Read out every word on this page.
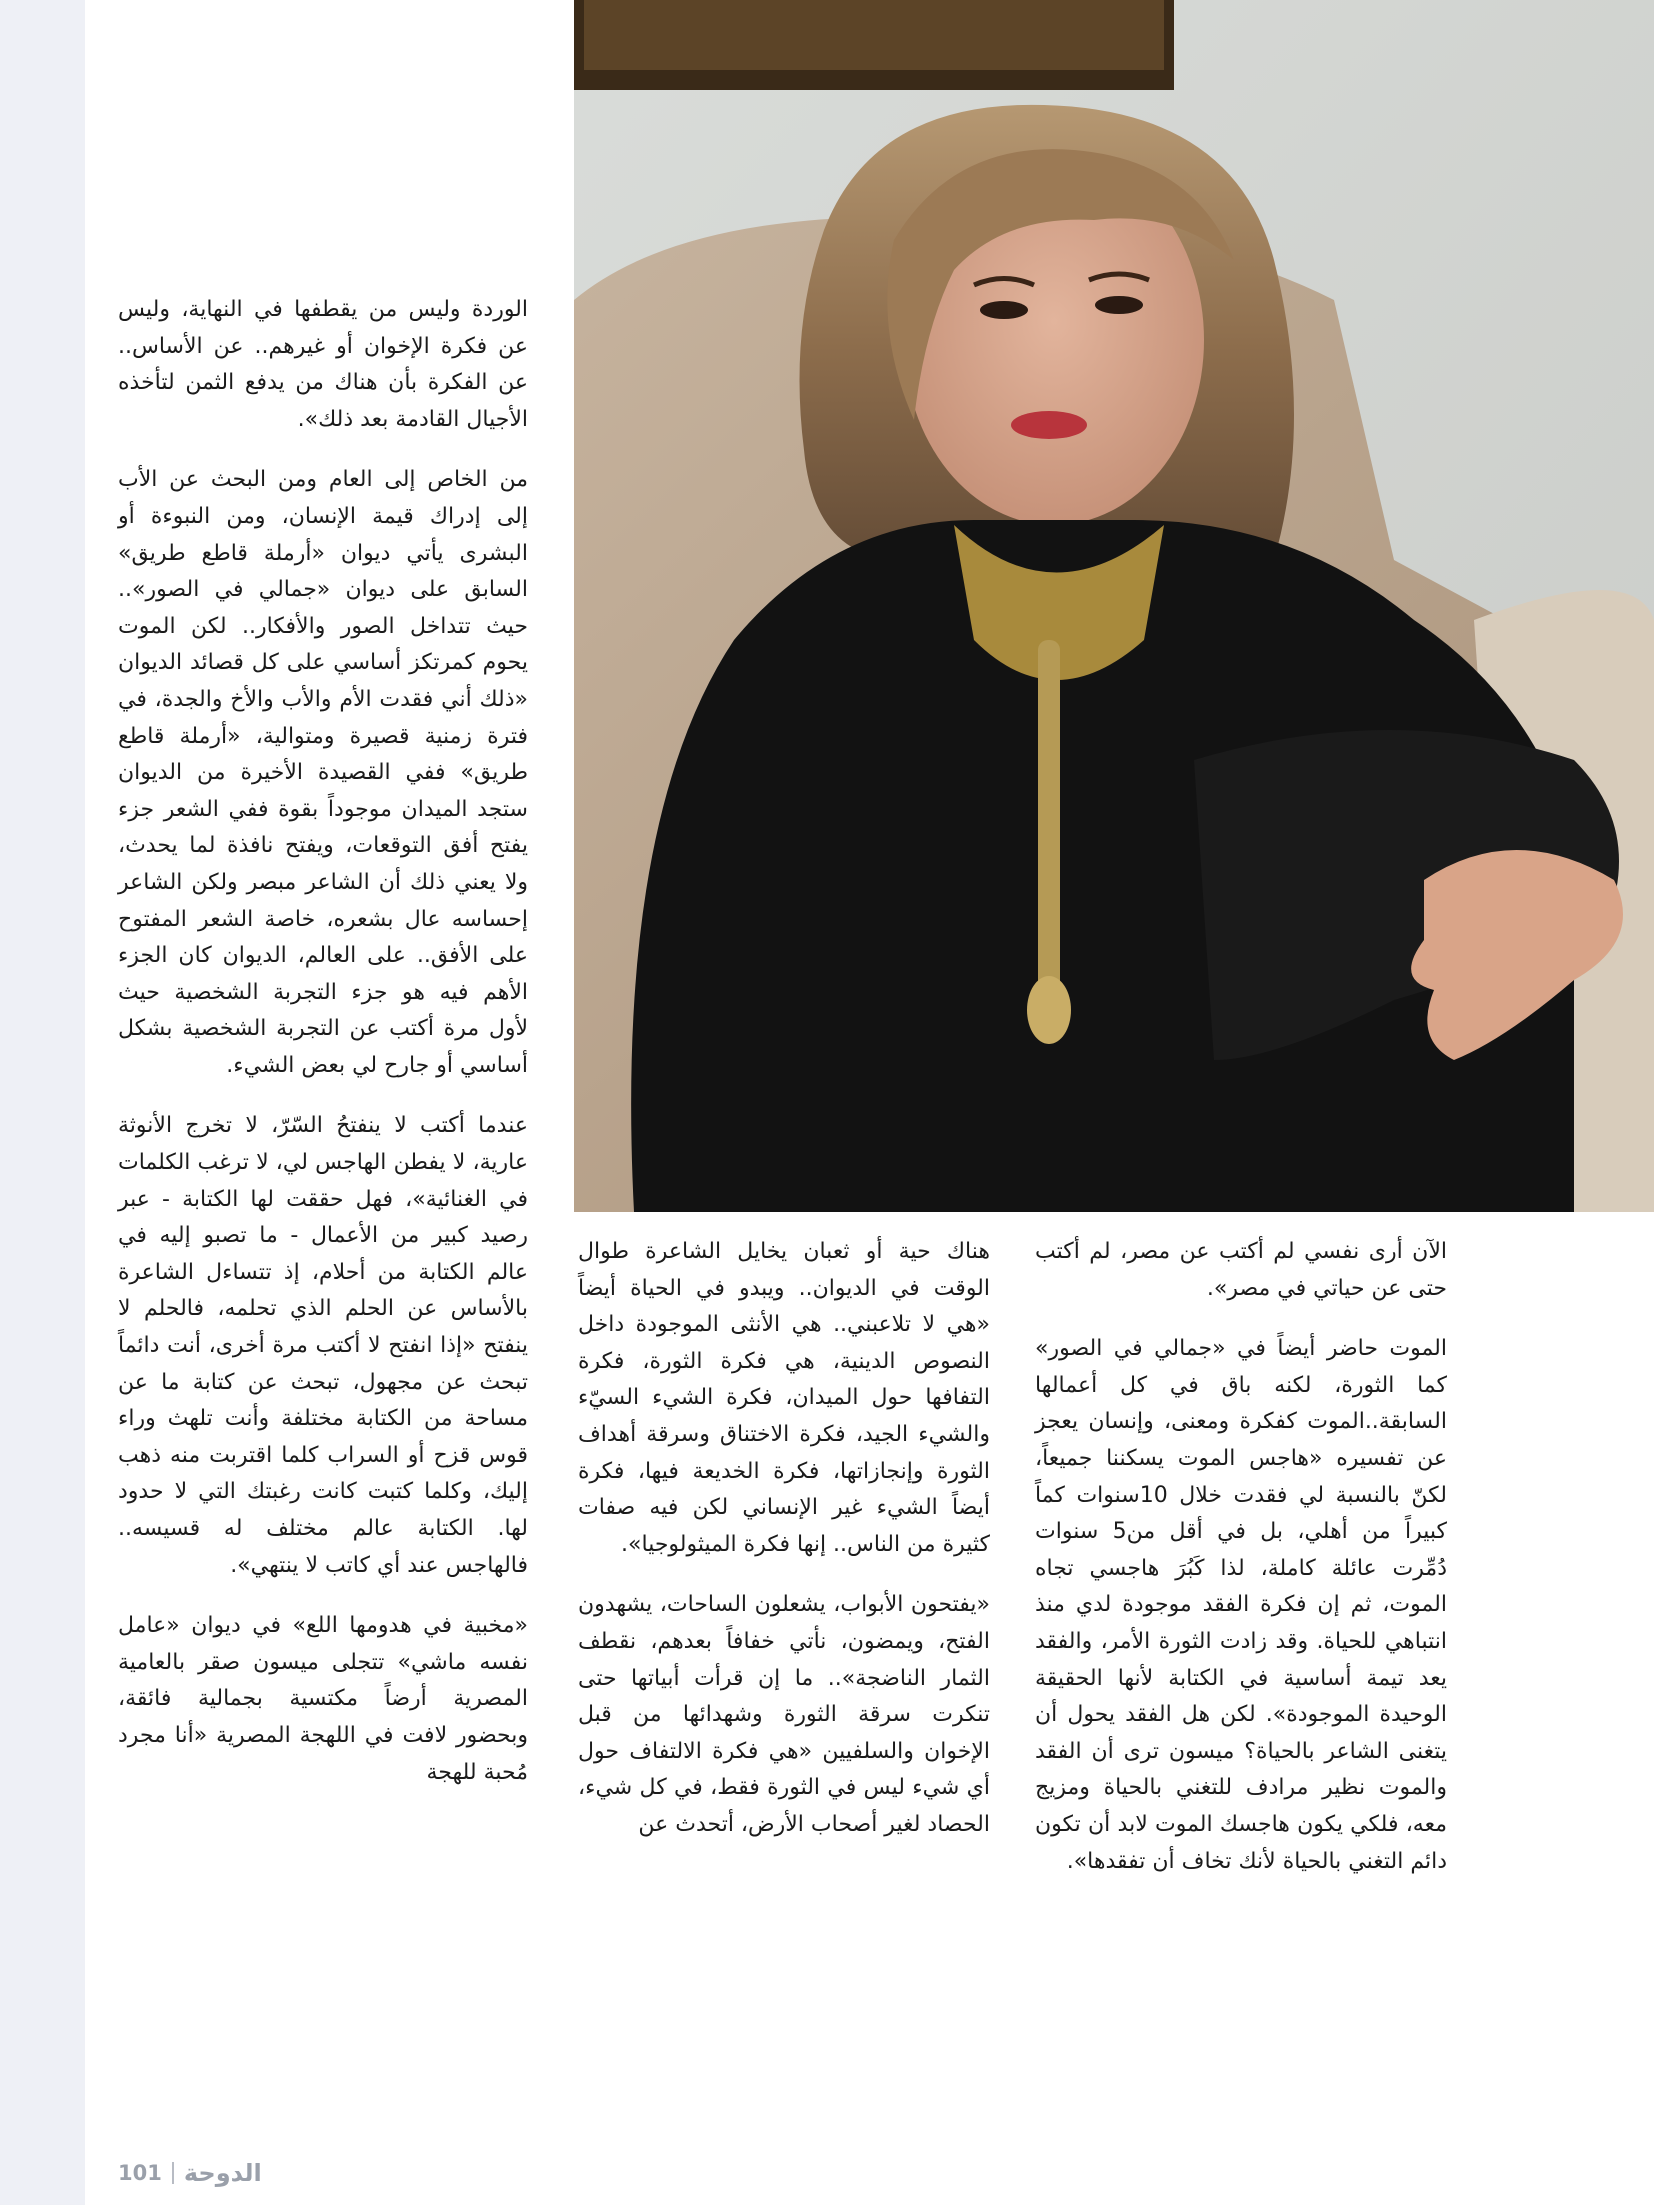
الوردة وليس من يقطفها في النهاية، وليس عن فكرة الإخوان أو غيرهم.. عن الأساس.. عن الفكرة بأن هناك من يدفع الثمن لتأخذه الأجيال القادمة بعد ذلك».

من الخاص إلى العام ومن البحث عن الأب إلى إدراك قيمة الإنسان، ومن النبوءة أو البشرى يأتي ديوان «أرملة قاطع طريق» السابق على ديوان «جمالي في الصور».. حيث تتداخل الصور والأفكار.. لكن الموت يحوم كمرتكز أساسي على كل قصائد الديوان «ذلك أني فقدت الأم والأب والأخ والجدة، في فترة زمنية قصيرة ومتوالية، «أرملة قاطع طريق» ففي القصيدة الأخيرة من الديوان ستجد الميدان موجوداً بقوة ففي الشعر جزء يفتح أفق التوقعات، ويفتح نافذة لما يحدث، ولا يعني ذلك أن الشاعر مبصر ولكن الشاعر إحساسه عال بشعره، خاصة الشعر المفتوح على الأفق.. على العالم، الديوان كان الجزء الأهم فيه هو جزء التجربة الشخصية حيث لأول مرة أكتب عن التجربة الشخصية بشكل أساسي أو جارح لي بعض الشيء.

عندما أكتب لا ينفتحُ السّرّ، لا تخرج الأنوثة عارية، لا يفطن الهاجس لي، لا ترغب الكلمات في الغنائية»، فهل حققت لها الكتابة - عبر رصيد كبير من الأعمال - ما تصبو إليه في عالم الكتابة من أحلام، إذ تتساءل الشاعرة بالأساس عن الحلم الذي تحلمه، فالحلم لا ينفتح «إذا انفتح لا أكتب مرة أخرى، أنت دائماً تبحث عن مجهول، تبحث عن كتابة ما عن مساحة من الكتابة مختلفة وأنت تلهث وراء قوس قزح أو السراب كلما اقتربت منه ذهب إليك، وكلما كتبت كانت رغبتك التي لا حدود لها. الكتابة عالم مختلف له قسيسه.. فالهاجس عند أي كاتب لا ينتهي».

«مخبية في هدومها اللع» في ديوان «عامل نفسه ماشي» تتجلى ميسون صقر بالعامية المصرية أرضاً مكتسية بجمالية فائقة، وبحضور لافت في اللهجة المصرية «أنا مجرد مُحبة للهجة

هناك حية أو ثعبان يخايل الشاعرة طوال الوقت في الديوان.. ويبدو في الحياة أيضاً «هي لا تلاعبني.. هي الأنثى الموجودة داخل النصوص الدينية، هي فكرة الثورة، فكرة التفافها حول الميدان، فكرة الشيء السيّء والشيء الجيد، فكرة الاختناق وسرقة أهداف الثورة وإنجازاتها، فكرة الخديعة فيها، فكرة أيضاً الشيء غير الإنساني لكن فيه صفات كثيرة من الناس.. إنها فكرة الميثولوجيا».

«يفتحون الأبواب، يشعلون الساحات، يشهدون الفتح، ويمضون، نأتي خفافاً بعدهم، نقطف الثمار الناضجة».. ما إن قرأت أبياتها حتى تنكرت سرقة الثورة وشهدائها من قبل الإخوان والسلفيين «هي فكرة الالتفاف حول أي شيء ليس في الثورة فقط، في كل شيء، الحصاد لغير أصحاب الأرض، أتحدث عن

الآن أرى نفسي لم أكتب عن مصر، لم أكتب حتى عن حياتي في مصر».

الموت حاضر أيضاً في «جمالي في الصور» كما الثورة، لكنه باق في كل أعمالها السابقة..الموت كفكرة ومعنى، وإنسان يعجز عن تفسيره «هاجس الموت يسكننا جميعاً، لكنّ بالنسبة لي فقدت خلال 10سنوات كماً كبيراً من أهلي، بل في أقل من5 سنوات دُمِّرت عائلة كاملة، لذا كَبُرَ هاجسي تجاه الموت، ثم إن فكرة الفقد موجودة لدي منذ انتباهي للحياة. وقد زادت الثورة الأمر، والفقد يعد تيمة أساسية في الكتابة لأنها الحقيقة الوحيدة الموجودة». لكن هل الفقد يحول أن يتغنى الشاعر بالحياة؟ ميسون ترى أن الفقد والموت نظير مرادف للتغني بالحياة ومزيج معه، فلكي يكون هاجسك الموت لابد أن تكون دائم التغني بالحياة لأنك تخاف أن تفقدها».

101 الدوحة
